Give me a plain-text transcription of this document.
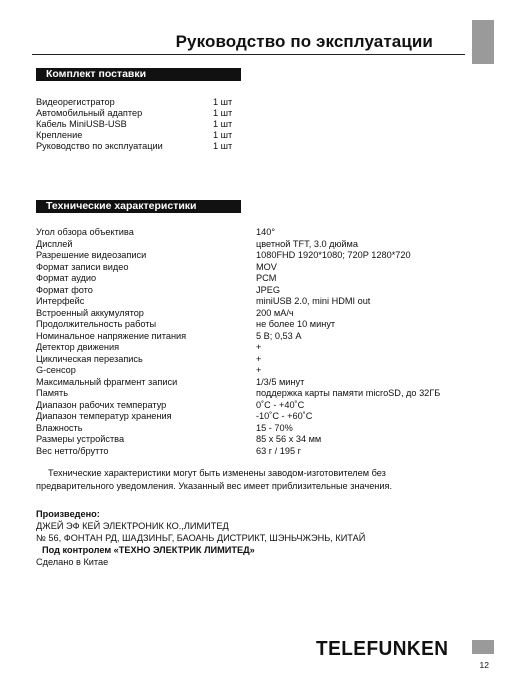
Руководство по эксплуатации
Комплект поставки
Видеорегистратор	1 шт
Автомобильный адаптер	1 шт
Кабель MiniUSB-USB	1 шт
Крепление	1 шт
Руководство по эксплуатации	1 шт
Технические характеристики
Угол обзора объектива	140°
Дисплей	цветной TFT, 3.0 дюйма
Разрешение видеозаписи	1080FHD 1920*1080; 720P 1280*720
Формат записи видео	MOV
Формат аудио	PCM
Формат фото	JPEG
Интерфейс	miniUSB 2.0, mini HDMI out
Встроенный аккумулятор	200 мА/ч
Продолжительность работы	не более 10 минут
Номинальное напряжение питания	5 В; 0,53 А
Детектор движения	+
Циклическая перезапись	+
G-сенсор	+
Максимальный фрагмент записи	1/3/5 минут
Память	поддержка карты памяти microSD, до 32ГБ
Диапазон рабочих температур	0˚С - +40˚С
Диапазон температур хранения	-10˚С - +60˚С
Влажность	15 - 70%
Размеры устройства	85 x 56 x 34 мм
Вес нетто/брутто	63 г / 195 г
Технические характеристики могут быть изменены заводом-изготовителем без предварительного уведомления. Указанный вес имеет приблизительные значения.
Произведено:
ДЖЕЙ ЭФ КЕЙ ЭЛЕКТРОНИК КО.,ЛИМИТЕД
№ 56, ФОНТАН РД, ШАДЗИНЬГ, БАОАНЬ ДИСТРИКТ, ШЭНЬЧЖЭНЬ, КИТАЙ
Под контролем «ТЕХНО ЭЛЕКТРИК ЛИМИТЕД»
Сделано в Китае
TELEFUNKEN
12
